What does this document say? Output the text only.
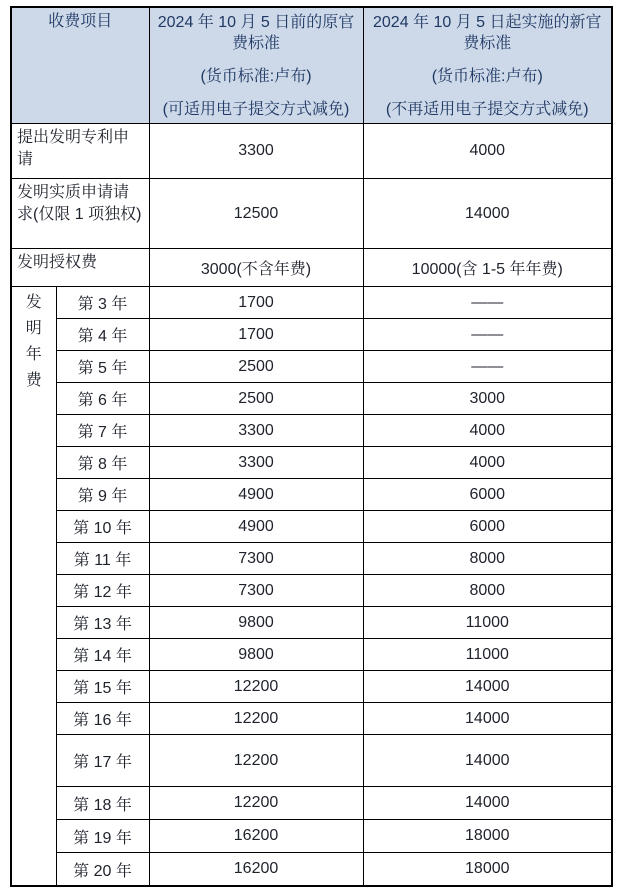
收费项目	2024 年 10 月 5 日前的原官费标准
(货币标准:卢布)
(可适用电子提交方式减免)

2024 年 10 月 5 日起实施的新官费标准
(货币标准:卢布)
(不再适用电子提交方式减免)

提出发明专利申请		3300	4000
发明实质申请请求(仅限 1 项独权)		12500	14000
发明授权费		3000(不含年费)	10000(含 1-5 年年费)

发明年费	第 3 年	1700	——
	第 4 年	1700	——
	第 5 年	2500	——
	第 6 年	2500	3000
	第 7 年	3300	4000
	第 8 年	3300	4000
	第 9 年	4900	6000
	第 10 年	4900	6000
	第 11 年	7300	8000
	第 12 年	7300	8000
	第 13 年	9800	11000
	第 14 年	9800	11000
	第 15 年	12200	14000
	第 16 年	12200	14000
	第 17 年	12200	14000
	第 18 年	12200	14000
	第 19 年	16200	18000
	第 20 年	16200	18000
